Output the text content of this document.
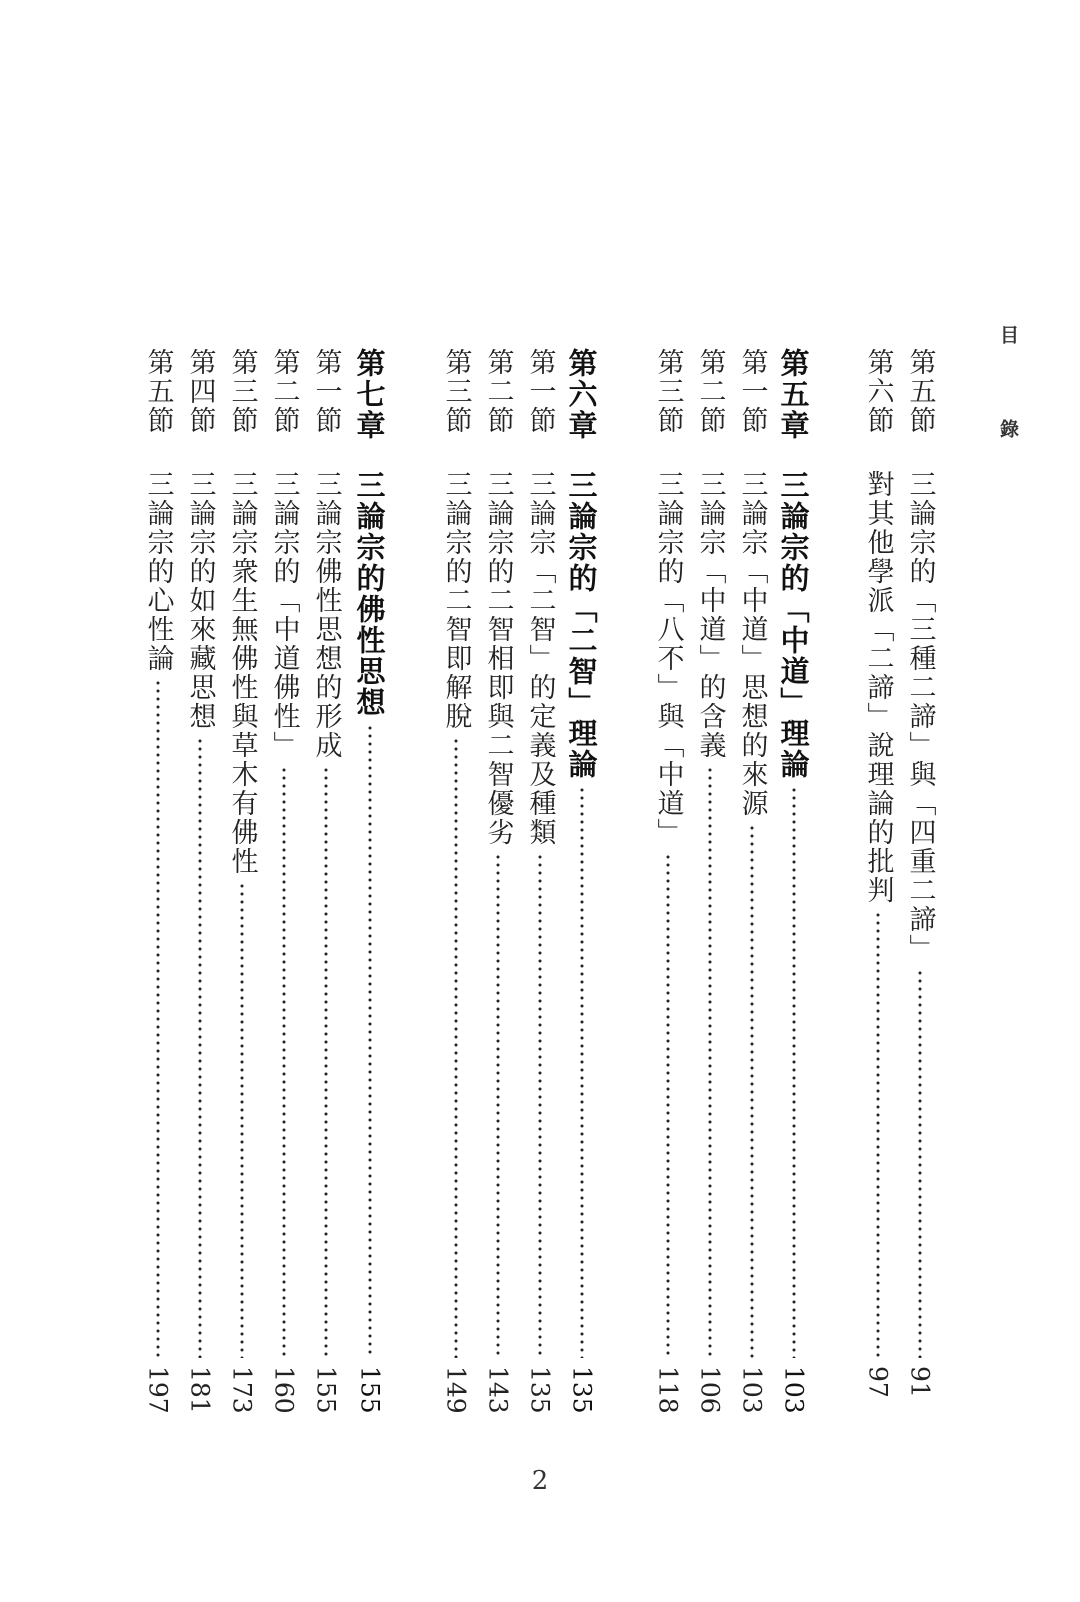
目 錄
第五節
三論宗的「三種二諦」與「四重二諦」
91
第六節
對其他學派「二諦」說理論的批判
97
第五章
三論宗的「中道」理論
103
第一節
三論宗「中道」思想的來源
103
第二節
三論宗「中道」的含義
106
第三節
三論宗的「八不」與「中道」
118
第六章
三論宗的「二智」理論
135
第一節
三論宗「二智」的定義及種類
135
第二節
三論宗的二智相即與二智優劣
143
第三節
三論宗的二智即解脫
149
第七章
三論宗的佛性思想
155
第一節
三論宗佛性思想的形成
155
第二節
三論宗的「中道佛性」
160
第三節
三論宗衆生無佛性與草木有佛性
173
第四節
三論宗的如來藏思想
181
第五節
三論宗的心性論
197
2
